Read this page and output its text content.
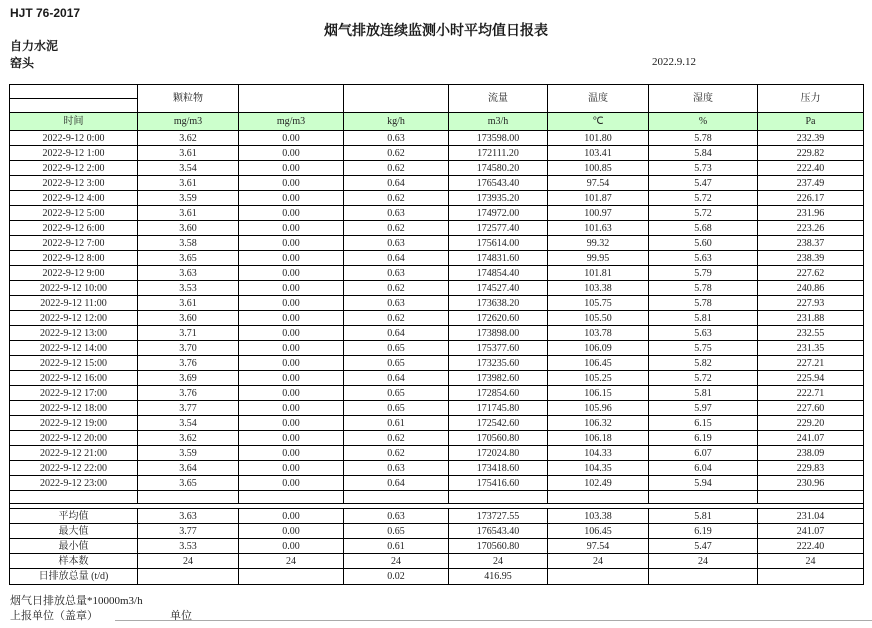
HJT 76-2017
烟气排放连续监测小时平均值日报表
自力水泥
窑头	2022.9.12
	颗粒物			流量	温度	湿度	压力

时间	mg/m3	mg/m3	kg/h	m3/h	℃	%	Pa
2022-9-12 0:00	3.62	0.00	0.63	173598.00	101.80	5.78	232.39
2022-9-12 1:00	3.61	0.00	0.62	172111.20	103.41	5.84	229.82
2022-9-12 2:00	3.54	0.00	0.62	174580.20	100.85	5.73	222.40
2022-9-12 3:00	3.61	0.00	0.64	176543.40	97.54	5.47	237.49
2022-9-12 4:00	3.59	0.00	0.62	173935.20	101.87	5.72	226.17
2022-9-12 5:00	3.61	0.00	0.63	174972.00	100.97	5.72	231.96
2022-9-12 6:00	3.60	0.00	0.62	172577.40	101.63	5.68	223.26
2022-9-12 7:00	3.58	0.00	0.63	175614.00	99.32	5.60	238.37
2022-9-12 8:00	3.65	0.00	0.64	174831.60	99.95	5.63	238.39
2022-9-12 9:00	3.63	0.00	0.63	174854.40	101.81	5.79	227.62
2022-9-12 10:00	3.53	0.00	0.62	174527.40	103.38	5.78	240.86
2022-9-12 11:00	3.61	0.00	0.63	173638.20	105.75	5.78	227.93
2022-9-12 12:00	3.60	0.00	0.62	172620.60	105.50	5.81	231.88
2022-9-12 13:00	3.71	0.00	0.64	173898.00	103.78	5.63	232.55
2022-9-12 14:00	3.70	0.00	0.65	175377.60	106.09	5.75	231.35
2022-9-12 15:00	3.76	0.00	0.65	173235.60	106.45	5.82	227.21
2022-9-12 16:00	3.69	0.00	0.64	173982.60	105.25	5.72	225.94
2022-9-12 17:00	3.76	0.00	0.65	172854.60	106.15	5.81	222.71
2022-9-12 18:00	3.77	0.00	0.65	171745.80	105.96	5.97	227.60
2022-9-12 19:00	3.54	0.00	0.61	172542.60	106.32	6.15	229.20
2022-9-12 20:00	3.62	0.00	0.62	170560.80	106.18	6.19	241.07
2022-9-12 21:00	3.59	0.00	0.62	172024.80	104.33	6.07	238.09
2022-9-12 22:00	3.64	0.00	0.63	173418.60	104.35	6.04	229.83
2022-9-12 23:00	3.65	0.00	0.64	175416.60	102.49	5.94	230.96

平均值	3.63	0.00	0.63	173727.55	103.38	5.81	231.04
最大值	3.77	0.00	0.65	176543.40	106.45	6.19	241.07
最小值	3.53	0.00	0.61	170560.80	97.54	5.47	222.40
样本数	24	24	24	24	24	24	24
日排放总量 (t/d)			0.02	416.95			
烟气日排放总量*10000m3/h
上报单位（盖章）	单位
